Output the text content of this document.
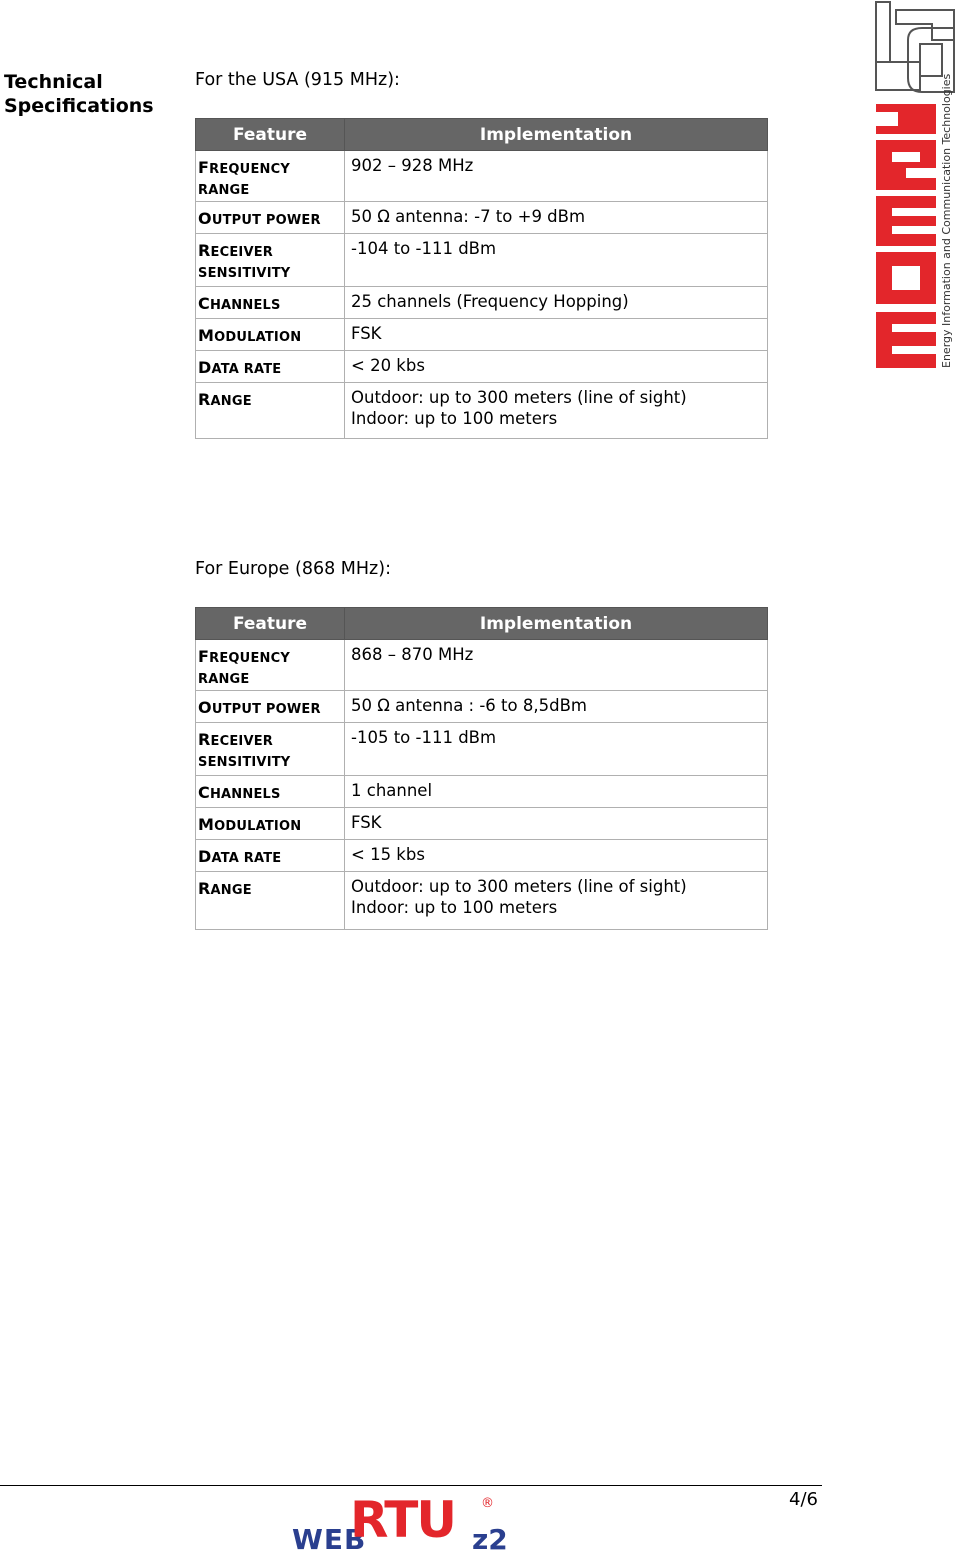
Technical
Specifications
For the USA (915 MHz):
Feature	Implementation
FREQUENCY RANGE	902 – 928 MHz

OUTPUT POWER	50 Ω antenna: -7 to +9 dBm

RECEIVER SENSITIVITY	-104 to -111 dBm

CHANNELS	25 channels (Frequency Hopping)

MODULATION	FSK

DATA RATE	< 20 kbs

RANGE	Outdoor: up to 300 meters (line of sight)
Indoor: up to 100 meters
For Europe (868 MHz):
Feature	Implementation
FREQUENCY RANGE	868 – 870 MHz

OUTPUT POWER	50 Ω antenna : -6 to 8,5dBm

RECEIVER SENSITIVITY	-105 to -111 dBm

CHANNELS	1 channel

MODULATION	FSK

DATA RATE	< 15 kbs

RANGE	Outdoor: up to 300 meters (line of sight)
Indoor: up to 100 meters
Energy Information and Communication Technologies
4/6
WEB
RTU z2
®
